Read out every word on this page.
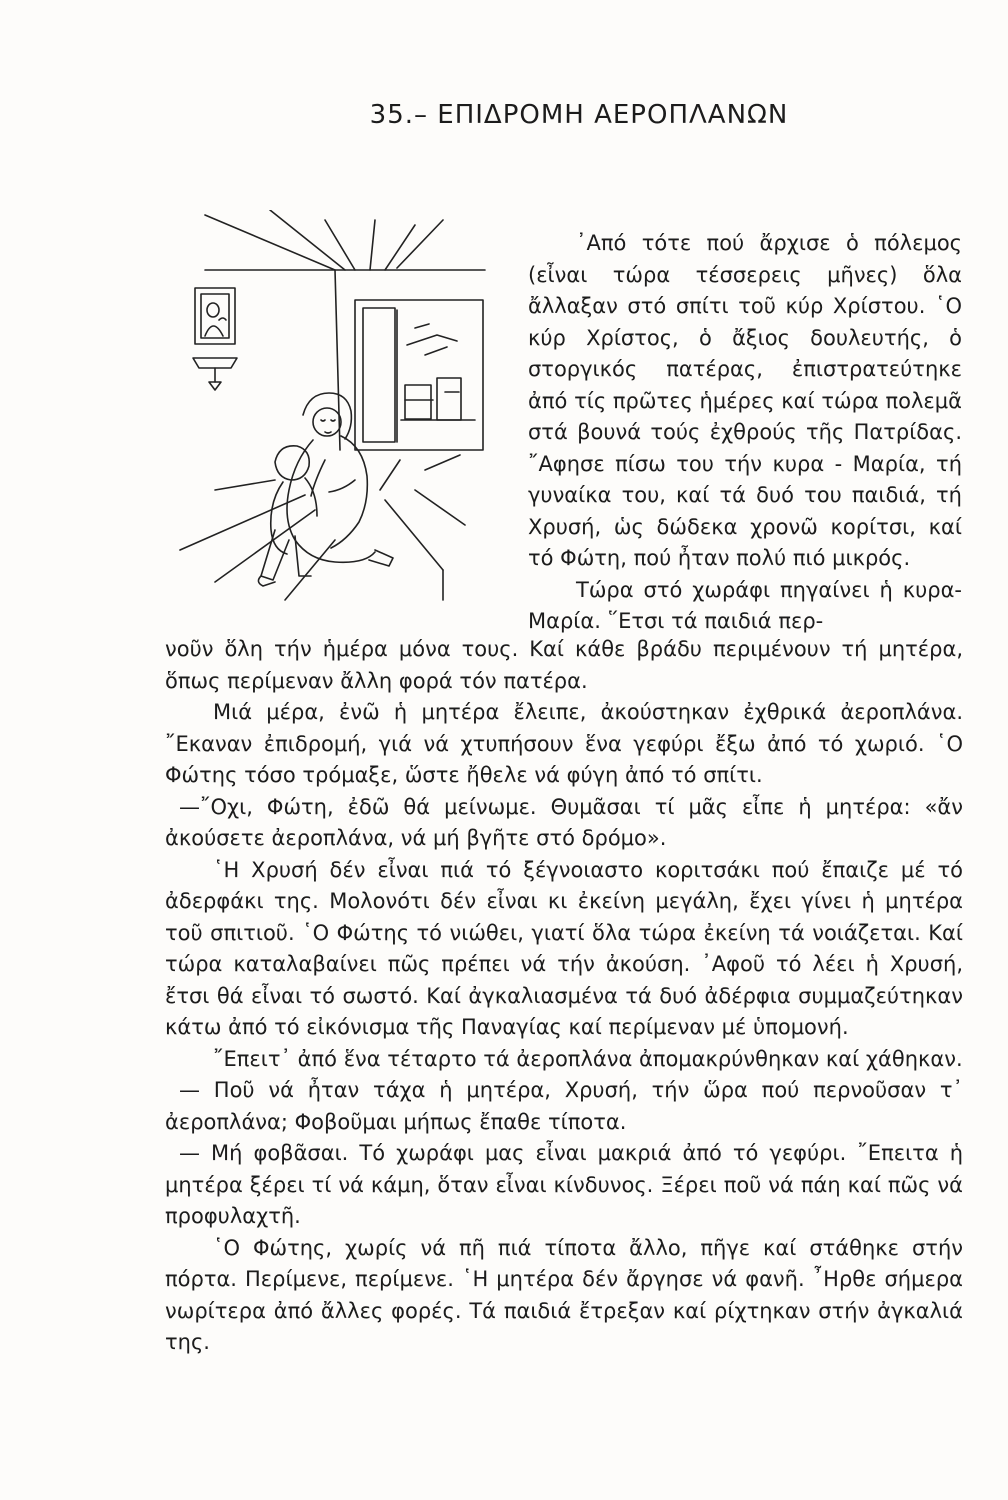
35.– ΕΠΙΔΡΟΜΗ ΑΕΡΟΠΛΑΝΩΝ

᾽Από τότε πού ἄρχισε ὁ πόλεμος (εἶναι τώρα τέσσερεις μῆνες) ὅλα ἄλλαξαν στό σπίτι τοῦ κύρ Χρίστου. ῾Ο κύρ Χρίστος, ὁ ἄξιος δουλευτής, ὁ στοργικός πατέρας, ἐπιστρατεύτηκε ἀπό τίς πρῶτες ἡμέρες καί τώρα πολεμᾶ στά βουνά τούς ἐχθρούς τῆς Πατρίδας. ῎Αφησε πίσω του τήν κυρα - Μαρία, τή γυναίκα του, καί τά δυό του παιδιά, τή Χρυσή, ὡς δώδεκα χρονῶ κορίτσι, καί τό Φώτη, πού ἦταν πολύ πιό μικρός.

Τώρα στό χωράφι πηγαίνει ἡ κυρα-Μαρία. ῞Ετσι τά παιδιά περ-

νοῦν ὅλη τήν ἡμέρα μόνα τους. Καί κάθε βράδυ περιμένουν τή μητέρα, ὅπως περίμεναν ἄλλη φορά τόν πατέρα.

Μιά μέρα, ἐνῶ ἡ μητέρα ἔλειπε, ἀκούστηκαν ἐχθρικά ἀεροπλάνα. ῎Εκαναν ἐπιδρομή, γιά νά χτυπήσουν ἕνα γεφύρι ἔξω ἀπό τό χωριό. ῾Ο Φώτης τόσο τρόμαξε, ὥστε ἤθελε νά φύγη ἀπό τό σπίτι.

—῎Οχι, Φώτη, ἐδῶ θά μείνωμε. Θυμᾶσαι τί μᾶς εἶπε ἡ μητέρα: «ἄν ἀκούσετε ἀεροπλάνα, νά μή βγῆτε στό δρόμο».

῾Η Χρυσή δέν εἶναι πιά τό ξέγνοιαστο κοριτσάκι πού ἔπαιζε μέ τό ἀδερφάκι της. Μολονότι δέν εἶναι κι ἐκείνη μεγάλη, ἔχει γίνει ἡ μητέρα τοῦ σπιτιοῦ. ῾Ο Φώτης τό νιώθει, γιατί ὅλα τώρα ἐκείνη τά νοιάζεται. Καί τώρα καταλαβαίνει πῶς πρέπει νά τήν ἀκούση. ᾽Αφοῦ τό λέει ἡ Χρυσή, ἔτσι θά εἶναι τό σωστό. Καί ἀγκαλιασμένα τά δυό ἀδέρφια συμμαζεύτηκαν κάτω ἀπό τό εἰκόνισμα τῆς Παναγίας καί περίμεναν μέ ὑπομονή.

῎Επειτ᾽ ἀπό ἕνα τέταρτο τά ἀεροπλάνα ἀπομακρύνθηκαν καί χάθηκαν.

— Ποῦ νά ἦταν τάχα ἡ μητέρα, Χρυσή, τήν ὥρα πού περνοῦσαν τ᾽ ἀεροπλάνα; Φοβοῦμαι μήπως ἔπαθε τίποτα.

— Μή φοβᾶσαι. Τό χωράφι μας εἶναι μακριά ἀπό τό γεφύρι. ῎Επειτα ἡ μητέρα ξέρει τί νά κάμη, ὅταν εἶναι κίνδυνος. Ξέρει ποῦ νά πάη καί πῶς νά προφυλαχτῆ.

῾Ο Φώτης, χωρίς νά πῆ πιά τίποτα ἄλλο, πῆγε καί στάθηκε στήν πόρτα. Περίμενε, περίμενε. ῾Η μητέρα δέν ἄργησε νά φανῆ. ῏Ηρθε σήμερα νωρίτερα ἀπό ἄλλες φορές. Τά παιδιά ἔτρεξαν καί ρίχτηκαν στήν ἀγκαλιά της.
